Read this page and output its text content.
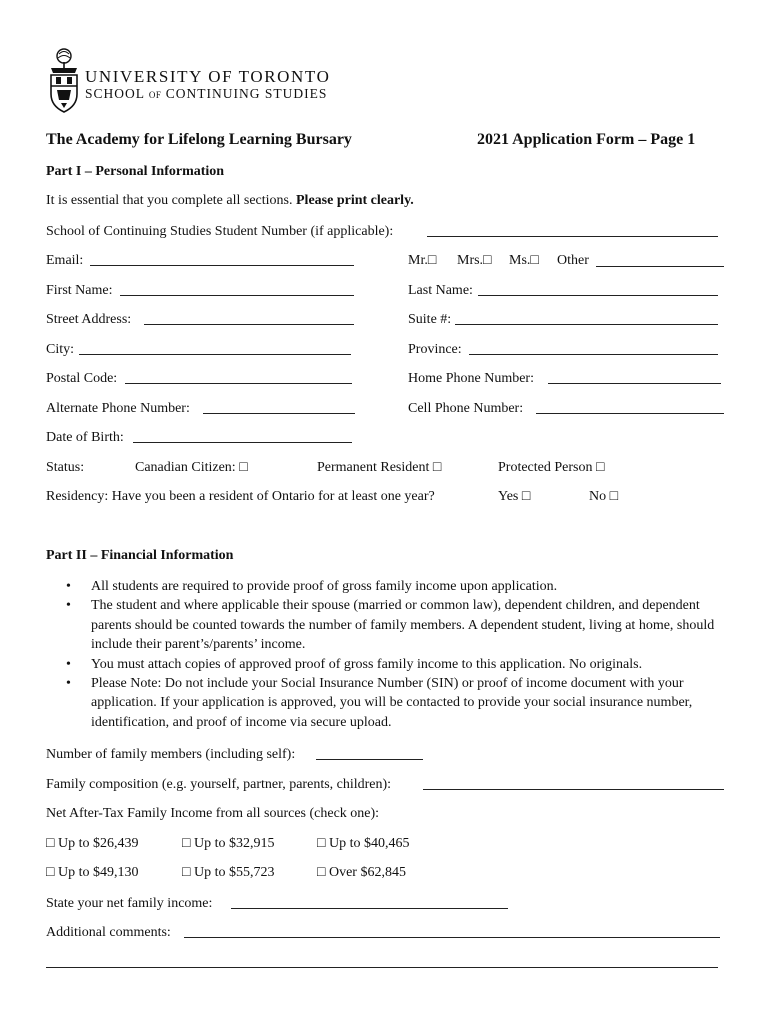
UNIVERSITY OF TORONTO
SCHOOL OF CONTINUING STUDIES
The Academy for Lifelong Learning Bursary	2021 Application Form – Page 1
Part I – Personal Information
It is essential that you complete all sections. Please print clearly.
School of Continuing Studies Student Number (if applicable):
Email:	Mr.□ Mrs.□ Ms.□ Other
First Name:	Last Name:
Street Address:	Suite #:
City:	Province:
Postal Code:	Home Phone Number:
Alternate Phone Number:	Cell Phone Number:
Date of Birth:
Status:	Canadian Citizen: □	Permanent Resident □	Protected Person □
Residency: Have you been a resident of Ontario for at least one year?	Yes □	No □
Part II – Financial Information
• All students are required to provide proof of gross family income upon application.
• The student and where applicable their spouse (married or common law), dependent children, and dependent parents should be counted towards the number of family members. A dependent student, living at home, should include their parent’s/parents’ income.
• You must attach copies of approved proof of gross family income to this application. No originals.
• Please Note: Do not include your Social Insurance Number (SIN) or proof of income document with your application. If your application is approved, you will be contacted to provide your social insurance number, identification, and proof of income via secure upload.
Number of family members (including self):
Family composition (e.g. yourself, partner, parents, children):
Net After-Tax Family Income from all sources (check one):
□ Up to $26,439	□ Up to $32,915	□ Up to $40,465
□ Up to $49,130	□ Up to $55,723	□ Over $62,845
State your net family income:
Additional comments:
